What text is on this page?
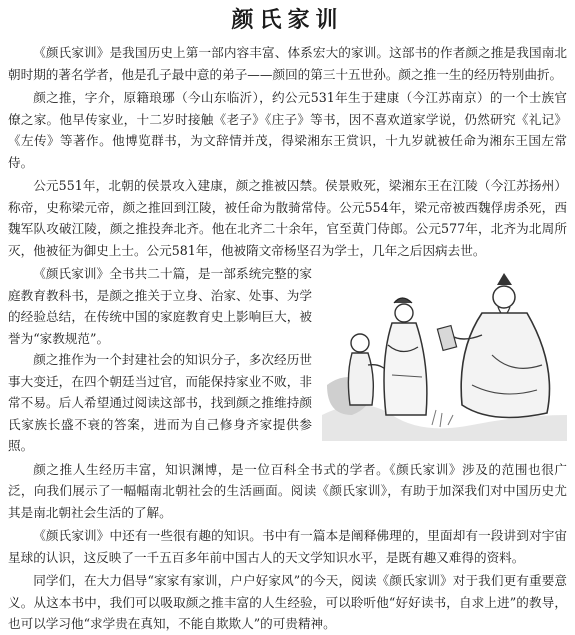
颜氏家训

《颜氏家训》是我国历史上第一部内容丰富、体系宏大的家训。这部书的作者颜之推是我国南北朝时期的著名学者，他是孔子最中意的弟子——颜回的第三十五世孙。颜之推一生的经历特别曲折。

颜之推，字介，原籍琅琊（今山东临沂），约公元531年生于建康（今江苏南京）的一个士族官僚之家。他早传家业，十二岁时接触《老子》《庄子》等书，因不喜欢道家学说，仍然研究《礼记》《左传》等著作。他博览群书，为文辞情并茂，得梁湘东王赏识，十九岁就被任命为湘东王国左常侍。

公元551年，北朝的侯景攻入建康，颜之推被囚禁。侯景败死，梁湘东王在江陵（今江苏扬州）称帝，史称梁元帝，颜之推回到江陵，被任命为散骑常侍。公元554年，梁元帝被西魏俘虏杀死，西魏军队攻破江陵，颜之推投奔北齐。他在北齐二十余年，官至黄门侍郎。公元577年，北齐为北周所灭，他被征为御史上士。公元581年，他被隋文帝杨坚召为学士，几年之后因病去世。

《颜氏家训》全书共二十篇，是一部系统完整的家庭教育教科书，是颜之推关于立身、治家、处事、为学的经验总结，在传统中国的家庭教育史上影响巨大，被誉为“家教规范”。

颜之推作为一个封建社会的知识分子，多次经历世事大变迁，在四个朝廷当过官，而能保持家业不败，非常不易。后人希望通过阅读这部书，找到颜之推维持颜氏家族长盛不衰的答案，进而为自己修身齐家提供参照。

颜之推人生经历丰富，知识渊博，是一位百科全书式的学者。《颜氏家训》涉及的范围也很广泛，向我们展示了一幅幅南北朝社会的生活画面。阅读《颜氏家训》，有助于加深我们对中国历史尤其是南北朝社会生活的了解。

《颜氏家训》中还有一些很有趣的知识。书中有一篇本是阐释佛理的，里面却有一段讲到对宇宙星球的认识，这反映了一千五百多年前中国古人的天文学知识水平，是既有趣又难得的资料。

同学们，在大力倡导“家家有家训，户户好家风”的今天，阅读《颜氏家训》对于我们更有重要意义。从这本书中，我们可以吸取颜之推丰富的人生经验，可以聆听他“好好读书，自求上进”的教导，也可以学习他“求学贵在真知，不能自欺欺人”的可贵精神。
